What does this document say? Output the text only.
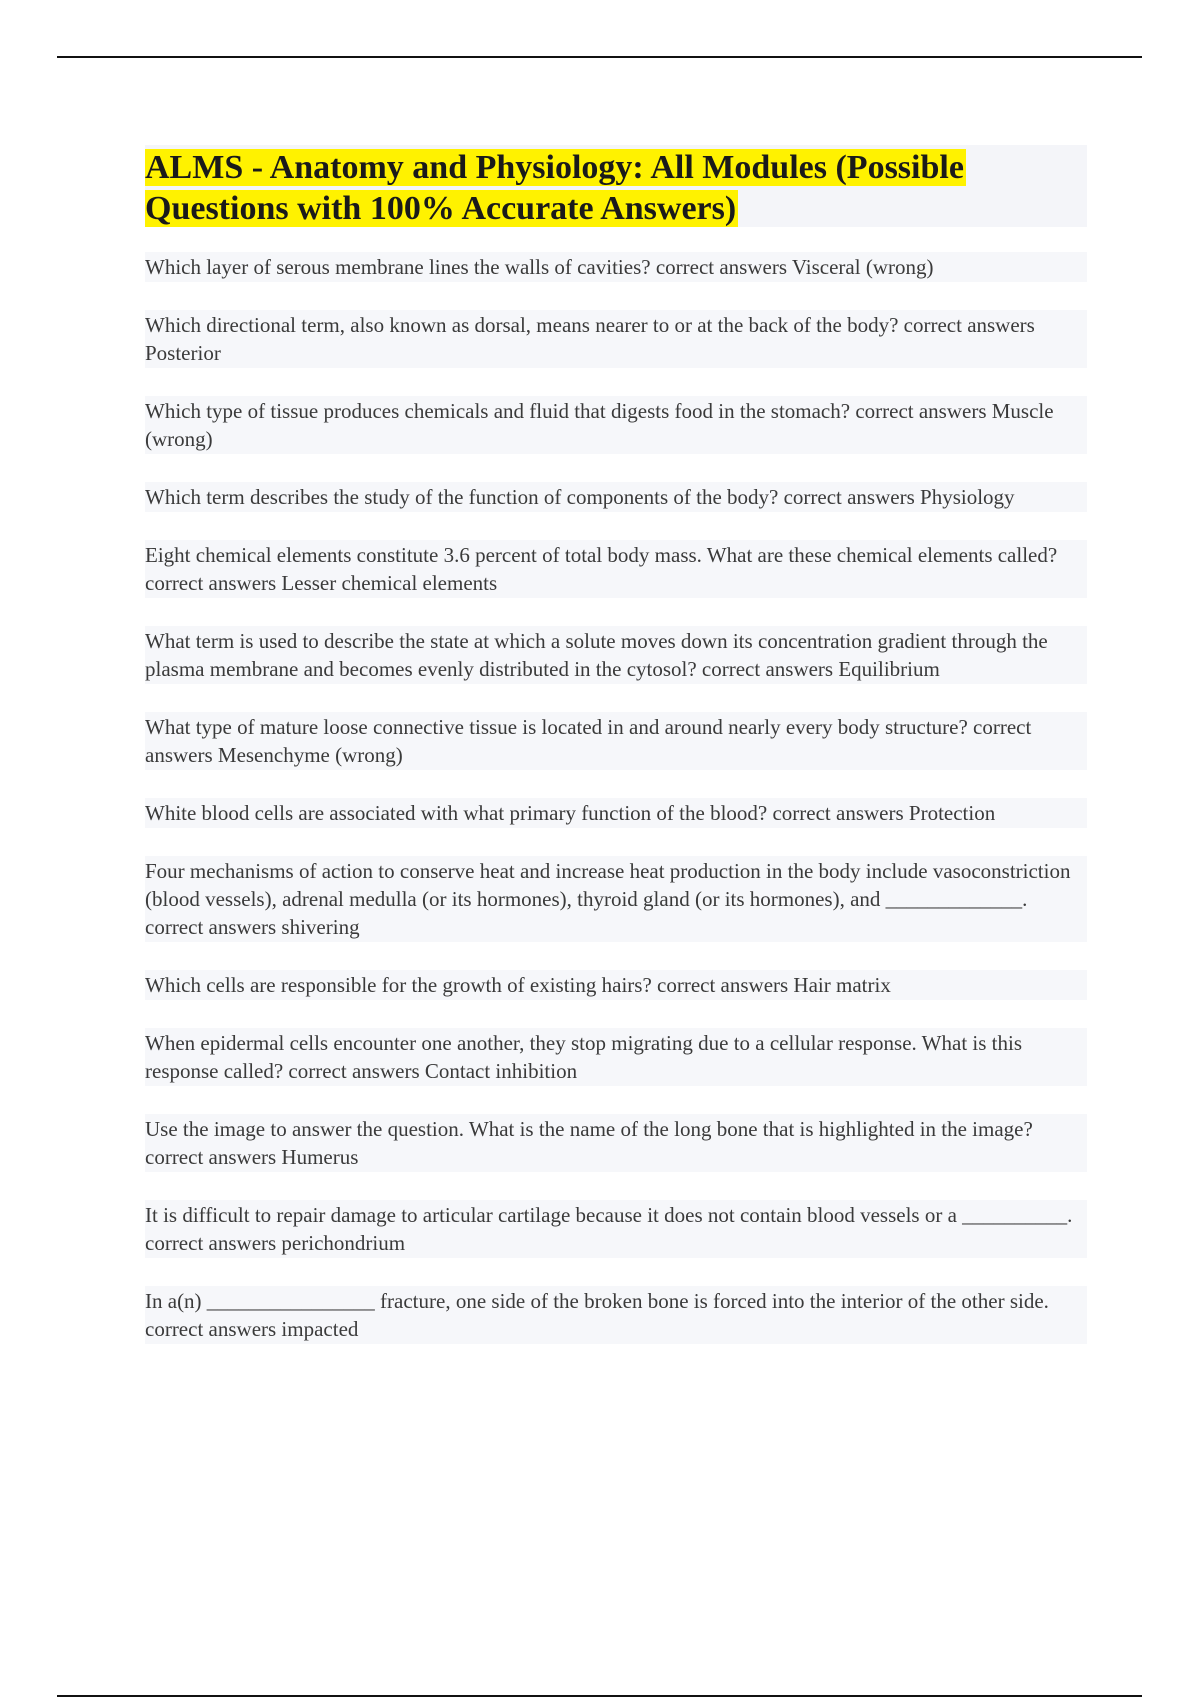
ALMS - Anatomy and Physiology: All Modules (Possible Questions with 100% Accurate Answers)
Which layer of serous membrane lines the walls of cavities? correct answers Visceral (wrong)
Which directional term, also known as dorsal, means nearer to or at the back of the body? correct answers Posterior
Which type of tissue produces chemicals and fluid that digests food in the stomach? correct answers Muscle (wrong)
Which term describes the study of the function of components of the body? correct answers Physiology
Eight chemical elements constitute 3.6 percent of total body mass. What are these chemical elements called? correct answers Lesser chemical elements
What term is used to describe the state at which a solute moves down its concentration gradient through the plasma membrane and becomes evenly distributed in the cytosol? correct answers Equilibrium
What type of mature loose connective tissue is located in and around nearly every body structure? correct answers Mesenchyme (wrong)
White blood cells are associated with what primary function of the blood? correct answers Protection
Four mechanisms of action to conserve heat and increase heat production in the body include vasoconstriction (blood vessels), adrenal medulla (or its hormones), thyroid gland (or its hormones), and _____________. correct answers shivering
Which cells are responsible for the growth of existing hairs? correct answers Hair matrix
When epidermal cells encounter one another, they stop migrating due to a cellular response. What is this response called? correct answers Contact inhibition
Use the image to answer the question. What is the name of the long bone that is highlighted in the image? correct answers Humerus
It is difficult to repair damage to articular cartilage because it does not contain blood vessels or a __________. correct answers perichondrium
In a(n) ________________ fracture, one side of the broken bone is forced into the interior of the other side. correct answers impacted
